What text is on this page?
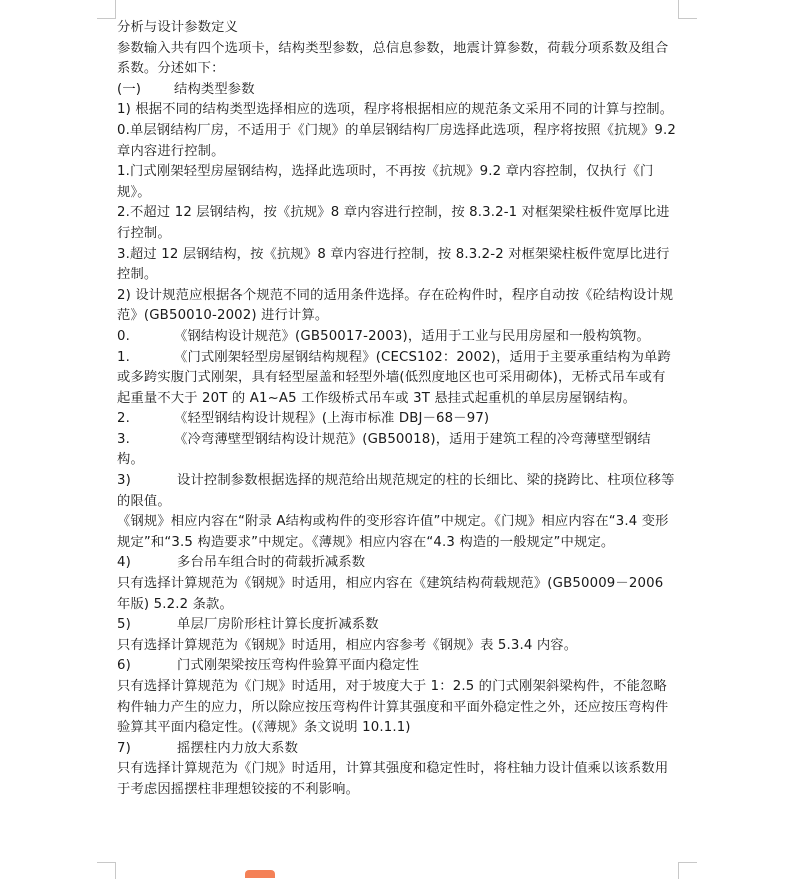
分析与设计参数定义

参数输入共有四个选项卡，结构类型参数，总信息参数，地震计算参数，荷载分项系数及组合系数。分述如下：

(一) 结构类型参数

1) 根据不同的结构类型选择相应的选项，程序将根据相应的规范条文采用不同的计算与控制。

0.单层钢结构厂房，不适用于《门规》的单层钢结构厂房选择此选项，程序将按照《抗规》9.2 章内容进行控制。

1.门式刚架轻型房屋钢结构，选择此选项时，不再按《抗规》9.2 章内容控制，仅执行《门规》。

2.不超过 12 层钢结构，按《抗规》8 章内容进行控制，按 8.3.2-1 对框架梁柱板件宽厚比进行控制。

3.超过 12 层钢结构，按《抗规》8 章内容进行控制，按 8.3.2-2 对框架梁柱板件宽厚比进行控制。

2) 设计规范应根据各个规范不同的适用条件选择。存在砼构件时，程序自动按《砼结构设计规范》(GB50010-2002) 进行计算。

0.	《钢结构设计规范》(GB50017-2003)，适用于工业与民用房屋和一般构筑物。

1.	《门式刚架轻型房屋钢结构规程》(CECS102：2002)，适用于主要承重结构为单跨或多跨实腹门式刚架，具有轻型屋盖和轻型外墙(低烈度地区也可采用砌体)，无桥式吊车或有起重量不大于 20T 的 A1~A5 工作级桥式吊车或 3T 悬挂式起重机的单层房屋钢结构。

2.	《轻型钢结构设计规程》(上海市标准 DBJ－68－97)

3.	《冷弯薄壁型钢结构设计规范》(GB50018)，适用于建筑工程的冷弯薄壁型钢结构。

3)	设计控制参数根据选择的规范给出规范规定的柱的长细比、梁的挠跨比、柱项位移等的限值。

《钢规》相应内容在“附录 A结构或构件的变形容许值”中规定。《门规》相应内容在“3.4 变形规定”和“3.5 构造要求”中规定。《薄规》相应内容在“4.3 构造的一般规定”中规定。

4)	多台吊车组合时的荷载折减系数

只有选择计算规范为《钢规》时适用，相应内容在《建筑结构荷载规范》(GB50009－2006 年版) 5.2.2 条款。

5)	单层厂房阶形柱计算长度折减系数

只有选择计算规范为《钢规》时适用，相应内容参考《钢规》表 5.3.4 内容。

6)	门式刚架梁按压弯构件验算平面内稳定性

只有选择计算规范为《门规》时适用，对于坡度大于 1：2.5 的门式刚架斜梁构件，不能忽略构件轴力产生的应力，所以除应按压弯构件计算其强度和平面外稳定性之外，还应按压弯构件验算其平面内稳定性。(《薄规》条文说明 10.1.1)

7)	摇摆柱内力放大系数

只有选择计算规范为《门规》时适用，计算其强度和稳定性时，将柱轴力设计值乘以该系数用于考虑因摇摆柱非理想铰接的不利影响。
